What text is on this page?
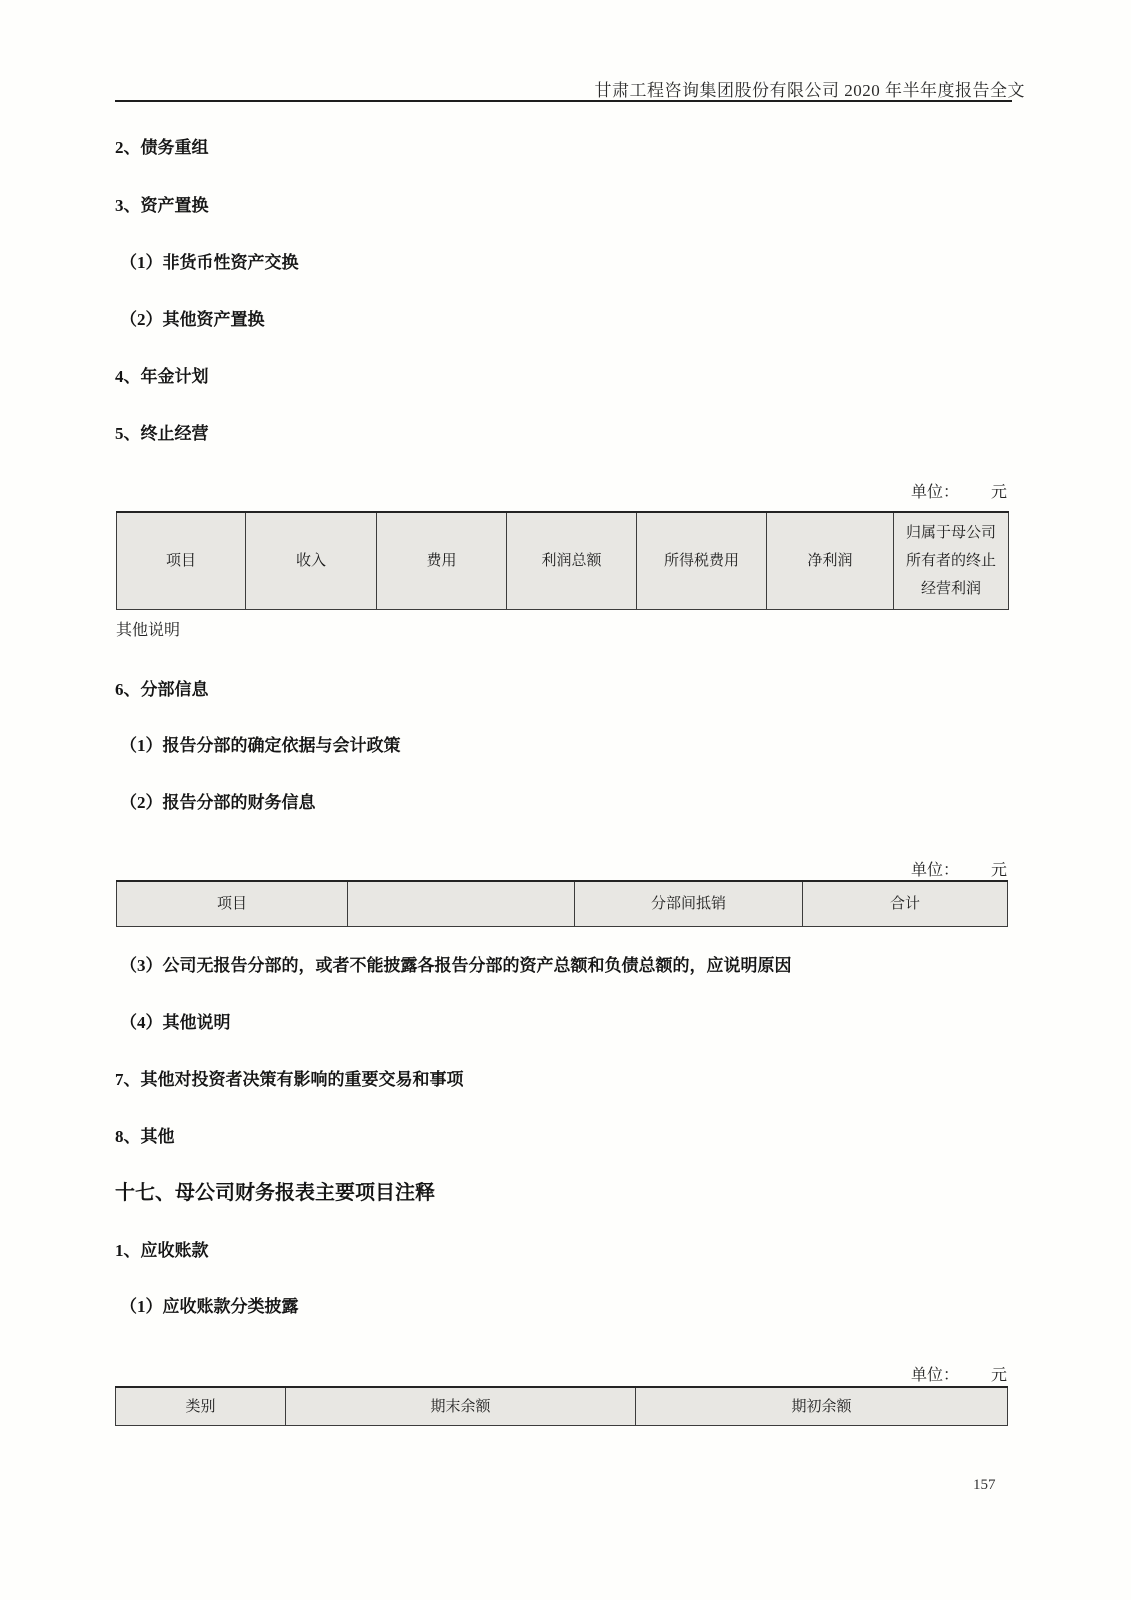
甘肃工程咨询集团股份有限公司 2020 年半年度报告全文
2、债务重组
3、资产置换
（1）非货币性资产交换
（2）其他资产置换
4、年金计划
5、终止经营
单位： 元
项目	收入	费用	利润总额	所得税费用	净利润	归属于母公司所有者的终止经营利润
其他说明
6、分部信息
（1）报告分部的确定依据与会计政策
（2）报告分部的财务信息
单位： 元
项目		分部间抵销	合计
（3）公司无报告分部的，或者不能披露各报告分部的资产总额和负债总额的，应说明原因
（4）其他说明
7、其他对投资者决策有影响的重要交易和事项
8、其他
十七、母公司财务报表主要项目注释
1、应收账款
（1）应收账款分类披露
单位： 元
类别	期末余额	期初余额
157
